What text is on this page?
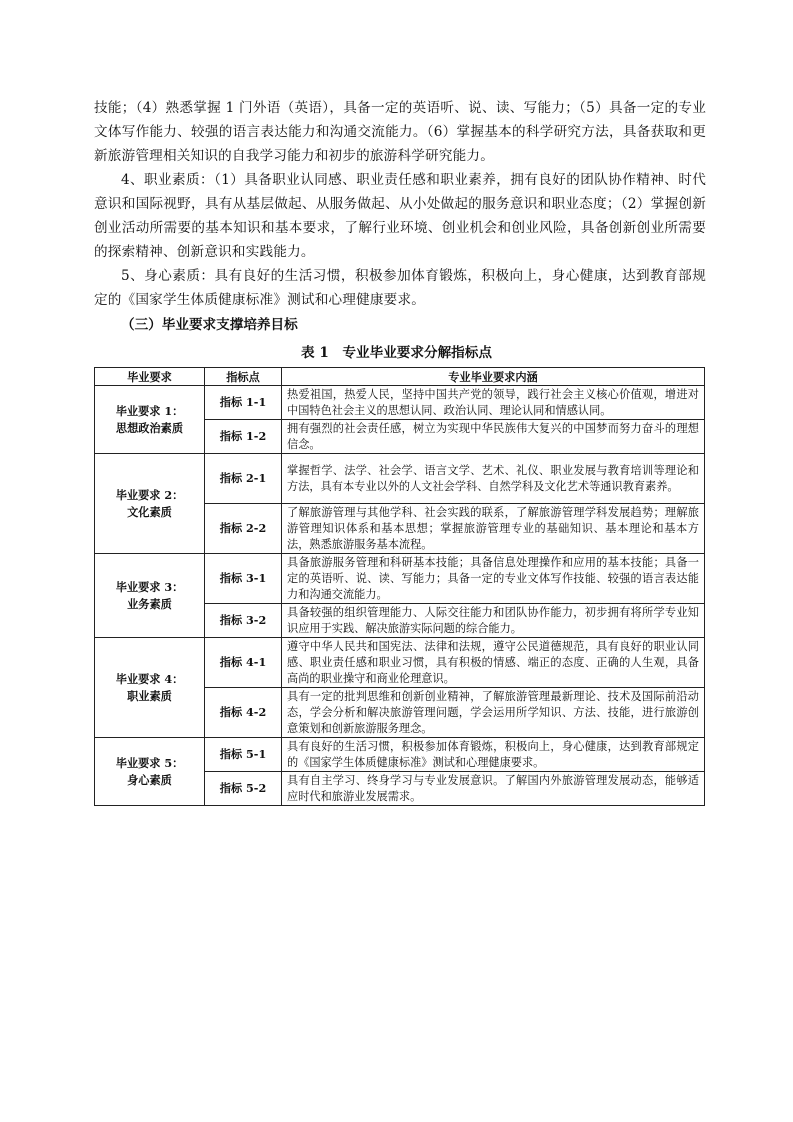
技能；（4）熟悉掌握 1 门外语（英语），具备一定的英语听、说、读、写能力；（5）具备一定的专业文体写作能力、较强的语言表达能力和沟通交流能力。（6）掌握基本的科学研究方法，具备获取和更新旅游管理相关知识的自我学习能力和初步的旅游科学研究能力。

4、职业素质：（1）具备职业认同感、职业责任感和职业素养，拥有良好的团队协作精神、时代意识和国际视野，具有从基层做起、从服务做起、从小处做起的服务意识和职业态度；（2）掌握创新创业活动所需要的基本知识和基本要求，了解行业环境、创业机会和创业风险，具备创新创业所需要的探索精神、创新意识和实践能力。

5、身心素质：具有良好的生活习惯，积极参加体育锻炼，积极向上，身心健康，达到教育部规定的《国家学生体质健康标准》测试和心理健康要求。

（三）毕业要求支撑培养目标

表 1　专业毕业要求分解指标点

毕业要求	指标点	专业毕业要求内涵

毕业要求 1：
思想政治素质	指标 1-1	热爱祖国，热爱人民，坚持中国共产党的领导，践行社会主义核心价值观，增进对中国特色社会主义的思想认同、政治认同、理论认同和情感认同。
	指标 1-2	拥有强烈的社会责任感，树立为实现中华民族伟大复兴的中国梦而努力奋斗的理想信念。

毕业要求 2：
文化素质	指标 2-1	掌握哲学、法学、社会学、语言文学、艺术、礼仪、职业发展与教育培训等理论和方法，具有本专业以外的人文社会学科、自然学科及文化艺术等通识教育素养。
	指标 2-2	了解旅游管理与其他学科、社会实践的联系，了解旅游管理学科发展趋势；理解旅游管理知识体系和基本思想；掌握旅游管理专业的基础知识、基本理论和基本方法，熟悉旅游服务基本流程。

毕业要求 3：
业务素质	指标 3-1	具备旅游服务管理和科研基本技能；具备信息处理操作和应用的基本技能；具备一定的英语听、说、读、写能力；具备一定的专业文体写作技能、较强的语言表达能力和沟通交流能力。
	指标 3-2	具备较强的组织管理能力、人际交往能力和团队协作能力，初步拥有将所学专业知识应用于实践、解决旅游实际问题的综合能力。

毕业要求 4：
职业素质	指标 4-1	遵守中华人民共和国宪法、法律和法规，遵守公民道德规范，具有良好的职业认同感、职业责任感和职业习惯，具有积极的情感、端正的态度、正确的人生观，具备高尚的职业操守和商业伦理意识。
	指标 4-2	具有一定的批判思维和创新创业精神，了解旅游管理最新理论、技术及国际前沿动态，学会分析和解决旅游管理问题，学会运用所学知识、方法、技能，进行旅游创意策划和创新旅游服务理念。

毕业要求 5：
身心素质	指标 5-1	具有良好的生活习惯，积极参加体育锻炼，积极向上，身心健康，达到教育部规定的《国家学生体质健康标准》测试和心理健康要求。
	指标 5-2	具有自主学习、终身学习与专业发展意识。了解国内外旅游管理发展动态，能够适应时代和旅游业发展需求。
